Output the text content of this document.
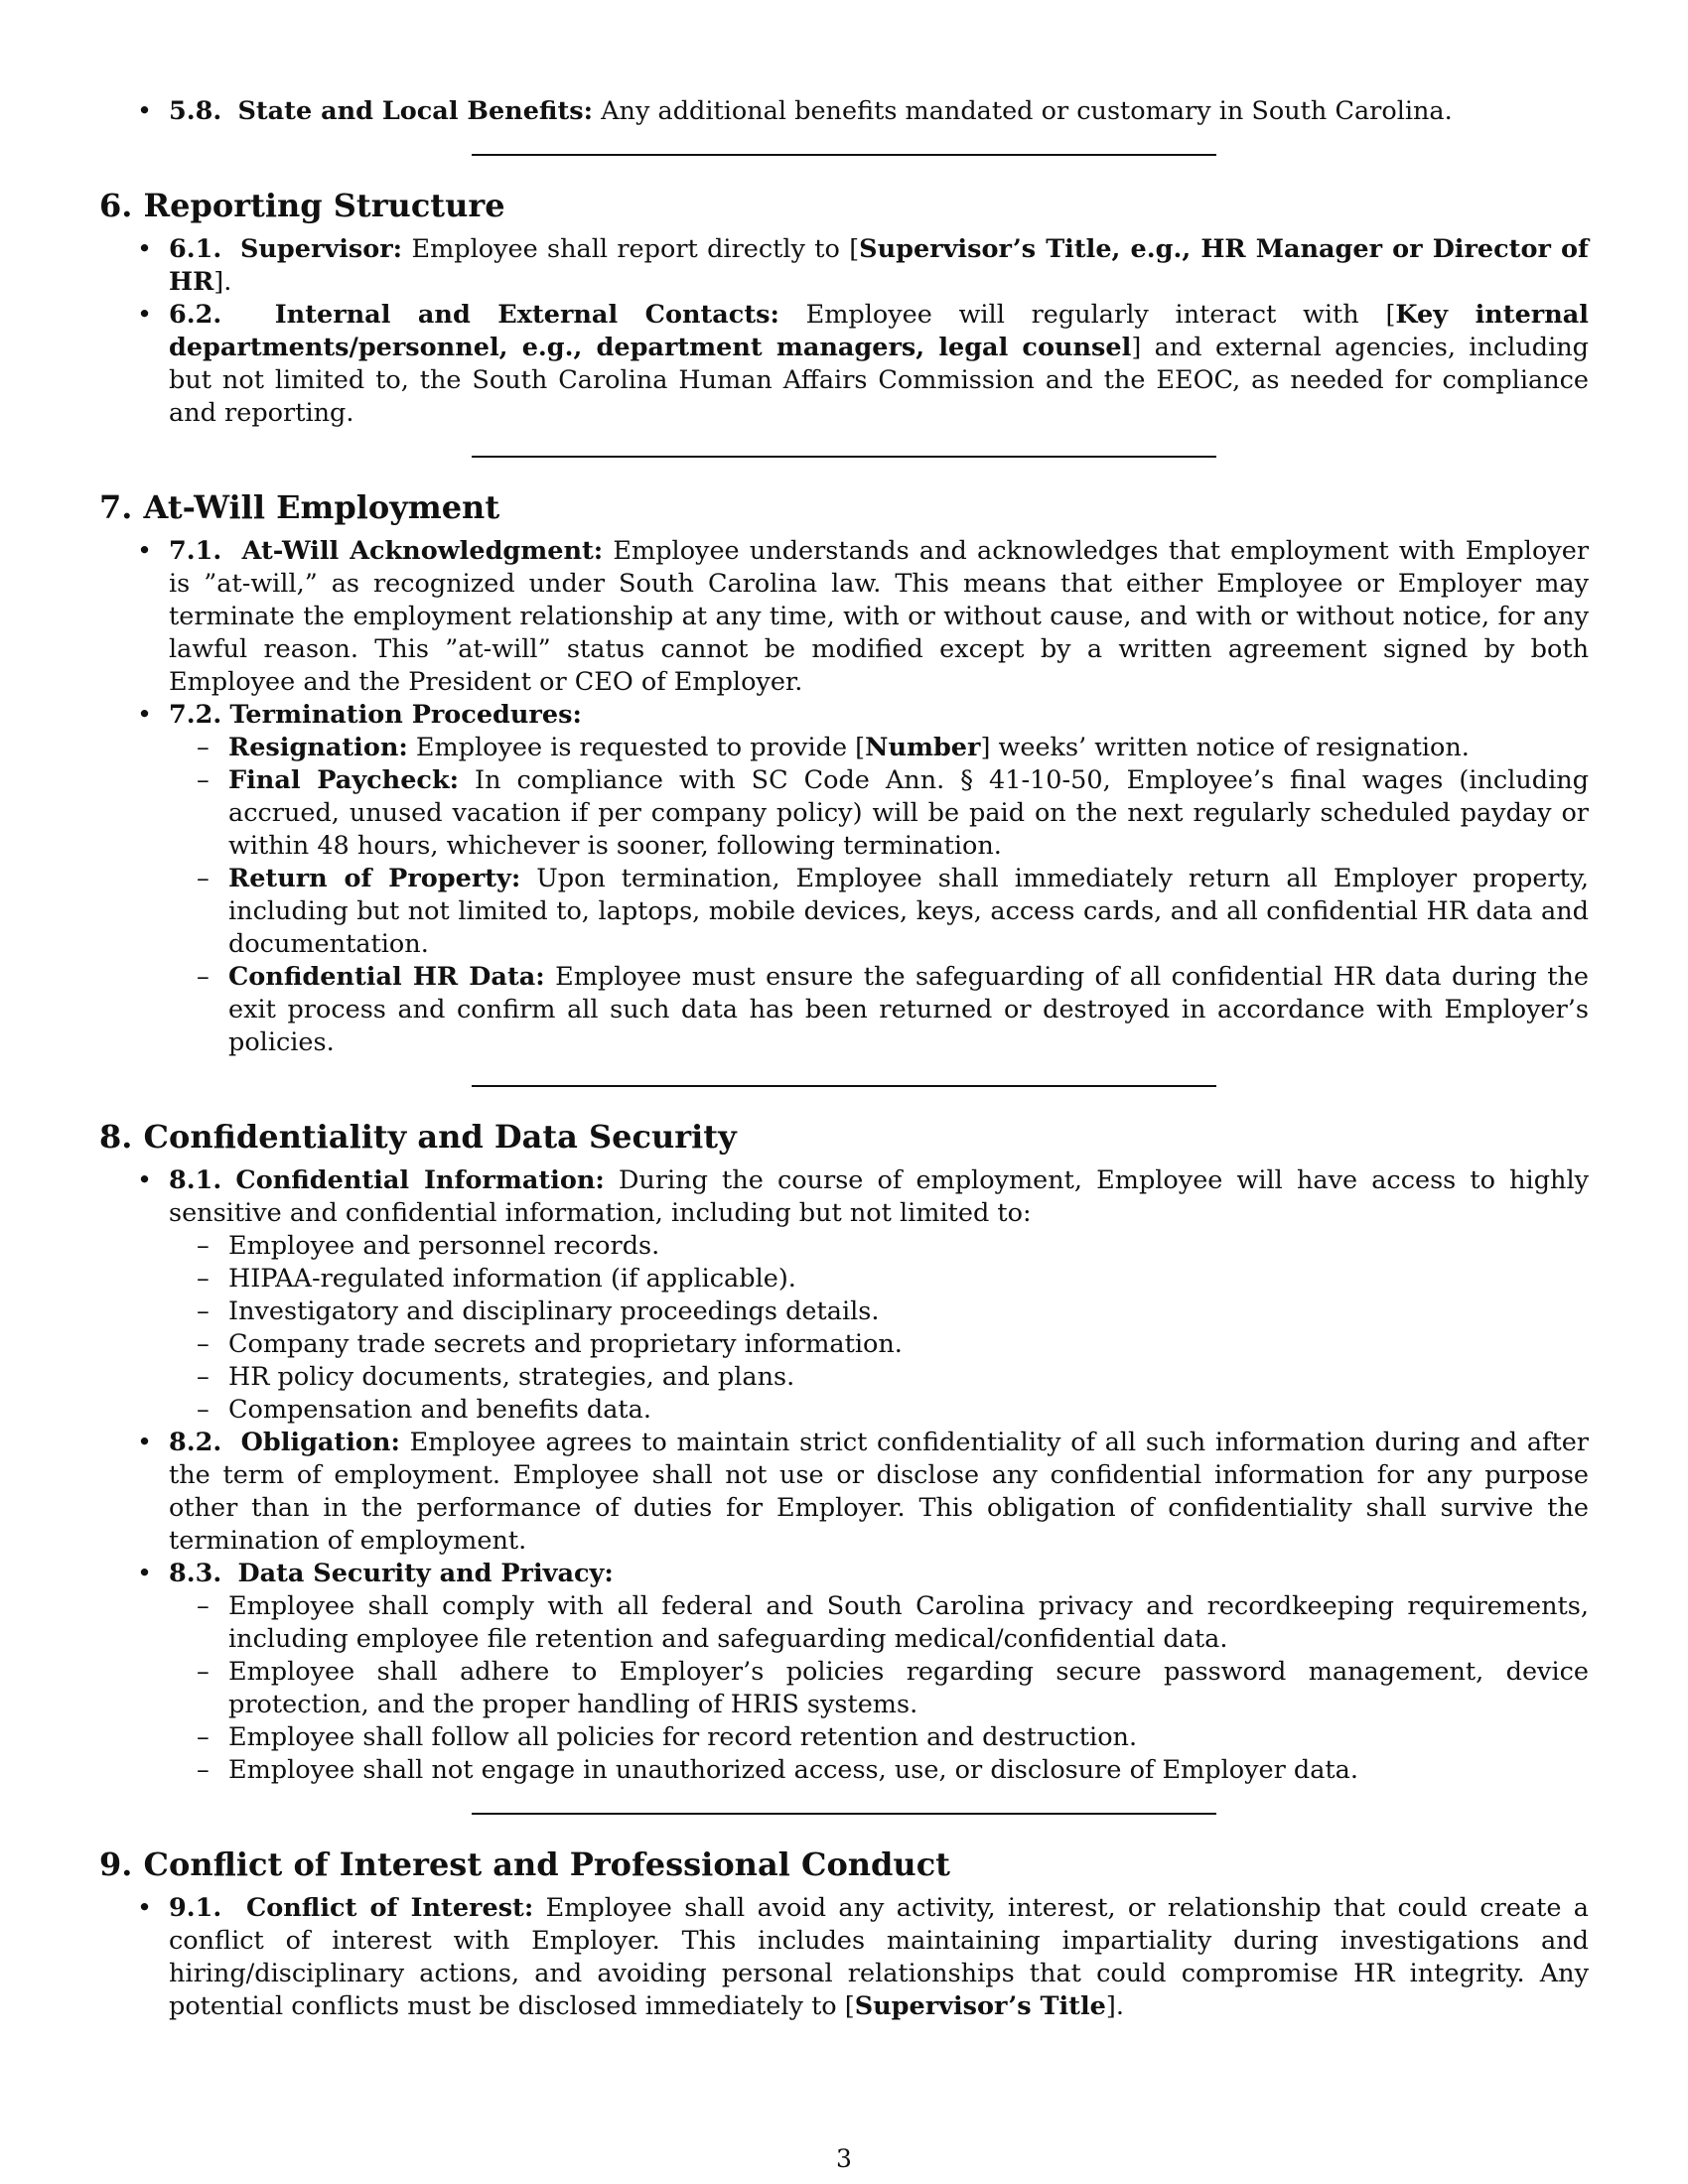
• 5.8. State and Local Benefits: Any additional benefits mandated or customary in South Carolina.
6. Reporting Structure
• 6.1. Supervisor: Employee shall report directly to [Supervisor’s Title, e.g., HR Manager or Director of HR].
• 6.2. Internal and External Contacts: Employee will regularly interact with [Key internal departments/personnel, e.g., department managers, legal counsel] and external agencies, including but not limited to, the South Carolina Human Affairs Commission and the EEOC, as needed for compliance and reporting.
7. At-Will Employment
• 7.1. At-Will Acknowledgment: Employee understands and acknowledges that employment with Employer is ”at-will,” as recognized under South Carolina law. This means that either Employee or Employer may terminate the employment relationship at any time, with or without cause, and with or without notice, for any lawful reason. This ”at-will” status cannot be modified except by a written agreement signed by both Employee and the President or CEO of Employer.
• 7.2. Termination Procedures:
– Resignation: Employee is requested to provide [Number] weeks’ written notice of resignation.
– Final Paycheck: In compliance with SC Code Ann. § 41-10-50, Employee’s final wages (including accrued, unused vacation if per company policy) will be paid on the next regularly scheduled payday or within 48 hours, whichever is sooner, following termination.
– Return of Property: Upon termination, Employee shall immediately return all Employer property, including but not limited to, laptops, mobile devices, keys, access cards, and all confidential HR data and documentation.
– Confidential HR Data: Employee must ensure the safeguarding of all confidential HR data during the exit process and confirm all such data has been returned or destroyed in accordance with Employer’s policies.
8. Confidentiality and Data Security
• 8.1. Confidential Information: During the course of employment, Employee will have access to highly sensitive and confidential information, including but not limited to:
– Employee and personnel records.
– HIPAA-regulated information (if applicable).
– Investigatory and disciplinary proceedings details.
– Company trade secrets and proprietary information.
– HR policy documents, strategies, and plans.
– Compensation and benefits data.
• 8.2. Obligation: Employee agrees to maintain strict confidentiality of all such information during and after the term of employment. Employee shall not use or disclose any confidential information for any purpose other than in the performance of duties for Employer. This obligation of confidentiality shall survive the termination of employment.
• 8.3. Data Security and Privacy:
– Employee shall comply with all federal and South Carolina privacy and recordkeeping requirements, including employee file retention and safeguarding medical/confidential data.
– Employee shall adhere to Employer’s policies regarding secure password management, device protection, and the proper handling of HRIS systems.
– Employee shall follow all policies for record retention and destruction.
– Employee shall not engage in unauthorized access, use, or disclosure of Employer data.
9. Conflict of Interest and Professional Conduct
• 9.1. Conflict of Interest: Employee shall avoid any activity, interest, or relationship that could create a conflict of interest with Employer. This includes maintaining impartiality during investigations and hiring/disciplinary actions, and avoiding personal relationships that could compromise HR integrity. Any potential conflicts must be disclosed immediately to [Supervisor’s Title].
3
